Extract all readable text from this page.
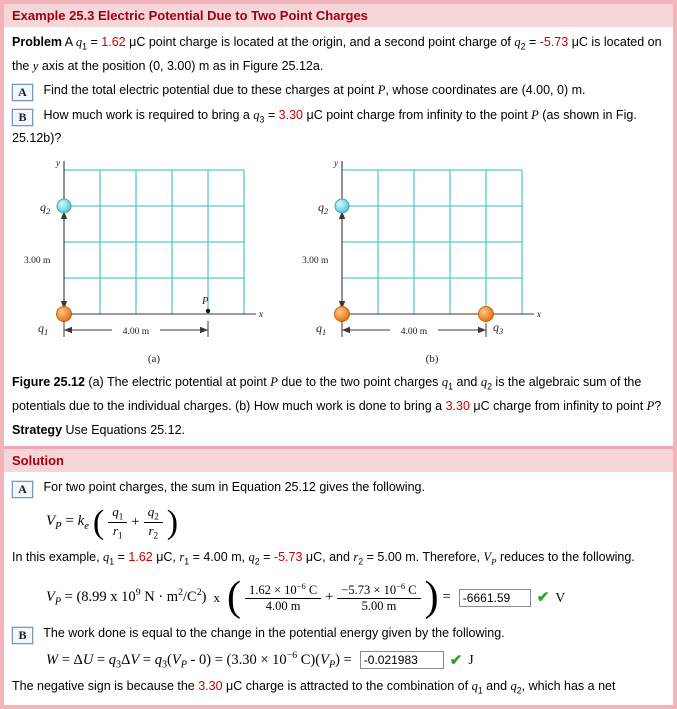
Example 25.3 Electric Potential Due to Two Point Charges

Problem A $q_1 = 1.62$ μC point charge is located at the origin, and a second point charge of $q_2 = -5.73$ μC is located on the y axis at the position (0, 3.00) m as in Figure 25.12a.

A Find the total electric potential due to these charges at point P, whose coordinates are (4.00, 0) m.

B How much work is required to bring a $q_3 = 3.30$ μC point charge from infinity to the point P (as shown in Fig. 25.12b)?

y
x
3.00 m
$q_2$
$q_1$
P
4.00 m
(a)
y
x
3.00 m
$q_2$
$q_1$	$q_3$
4.00 m
(b)

Figure 25.12 (a) The electric potential at point P due to the two point charges $q_1$ and $q_2$ is the algebraic sum of the potentials due to the individual charges. (b) How much work is done to bring a 3.30 μC charge from infinity to point P?

Strategy Use Equations 25.12.

Solution

A For two point charges, the sum in Equation 25.12 gives the following.

$V_P = k_e$ ( $\frac{q_1}{r_1} + \frac{q_2}{r_2}$ )

In this example, $q_1 = 1.62$ μC, $r_1 = 4.00$ m, $q_2 = -5.73$ μC, and $r_2 = 5.00$ m. Therefore, $V_P$ reduces to the following.

$V_P = (8.99$ x $10^9$ $N \cdot m^2/C^2$) x ( $\frac{1.62 \times 10^{-6} C}{4.00 m} + \frac{-5.73 \times 10^{-6} C}{5.00 m}$ ) =
-6661.59	✔ V

B The work done is equal to the change in the potential energy given by the following.

$W = \Delta U = q_3\Delta V = q_3(V_P - 0) = (3.30 \times 10^{-6}$ $C)(V_P)$ =
-0.021983	✔ J

The negative sign is because the 3.30 μC charge is attracted to the combination of $q_1$ and $q_2$, which has a net
